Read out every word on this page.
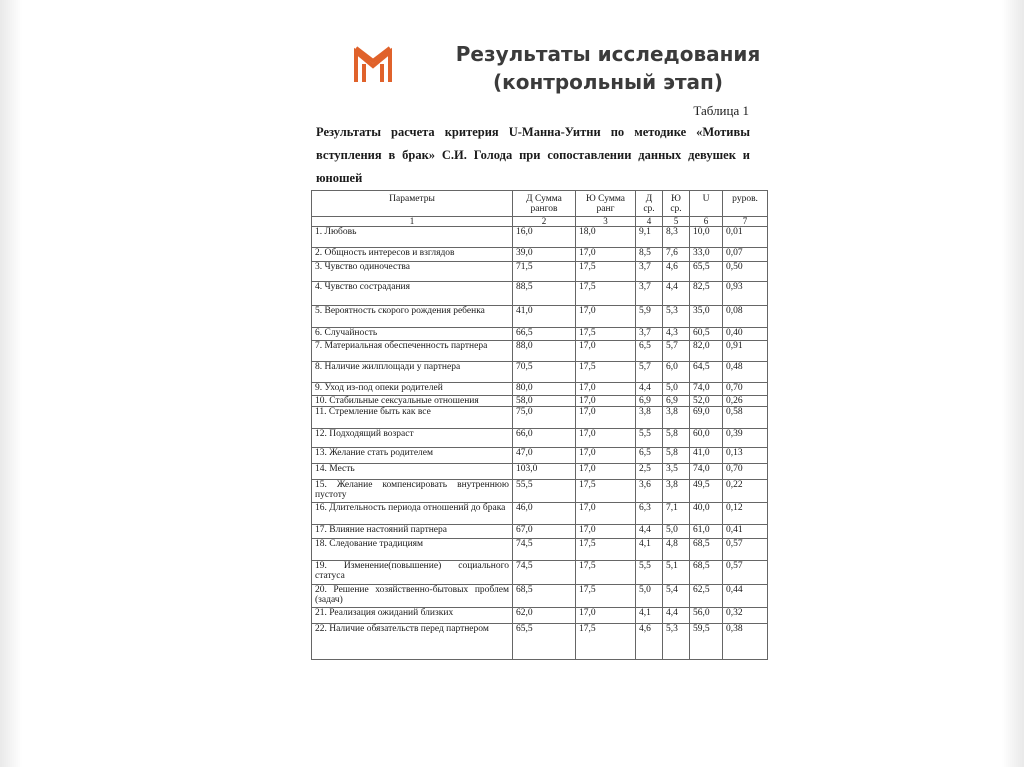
Результаты исследования
(контрольный этап)
Таблица 1
Результаты расчета критерия U-Манна-Уитни по методике «Мотивы вступления в брак» С.И. Голода при сопоставлении данных девушек и юношей
Параметры	Д Сумма рангов	Ю Сумма ранг	Д ср.	Ю ср.	U	pуров.
1	2	3	4	5	6	7
1. Любовь	16,0	18,0	9,1	8,3	10,0	0,01
2. Общность интересов и взглядов	39,0	17,0	8,5	7,6	33,0	0,07
3. Чувство одиночества	71,5	17,5	3,7	4,6	65,5	0,50
4. Чувство сострадания	88,5	17,5	3,7	4,4	82,5	0,93
5. Вероятность скорого рождения ребенка	41,0	17,0	5,9	5,3	35,0	0,08
6. Случайность	66,5	17,5	3,7	4,3	60,5	0,40
7. Материальная обеспеченность партнера	88,0	17,0	6,5	5,7	82,0	0,91
8. Наличие жилплощади у партнера	70,5	17,5	5,7	6,0	64,5	0,48
9. Уход из-под опеки родителей	80,0	17,0	4,4	5,0	74,0	0,70
10. Стабильные сексуальные отношения	58,0	17,0	6,9	6,9	52,0	0,26
11. Стремление быть как все	75,0	17,0	3,8	3,8	69,0	0,58
12. Подходящий возраст	66,0	17,0	5,5	5,8	60,0	0,39
13. Желание стать родителем	47,0	17,0	6,5	5,8	41,0	0,13
14. Месть	103,0	17,0	2,5	3,5	74,0	0,70
15. Желание компенсировать внутреннюю пустоту	55,5	17,5	3,6	3,8	49,5	0,22
16. Длительность периода отношений до брака	46,0	17,0	6,3	7,1	40,0	0,12
17. Влияние настояний партнера	67,0	17,0	4,4	5,0	61,0	0,41
18. Следование традициям	74,5	17,5	4,1	4,8	68,5	0,57
19. Изменение(повышение) социального статуса	74,5	17,5	5,5	5,1	68,5	0,57
20. Решение хозяйственно-бытовых проблем (задач)	68,5	17,5	5,0	5,4	62,5	0,44
21. Реализация ожиданий близких	62,0	17,0	4,1	4,4	56,0	0,32
22. Наличие обязательств перед партнером	65,5	17,5	4,6	5,3	59,5	0,38
